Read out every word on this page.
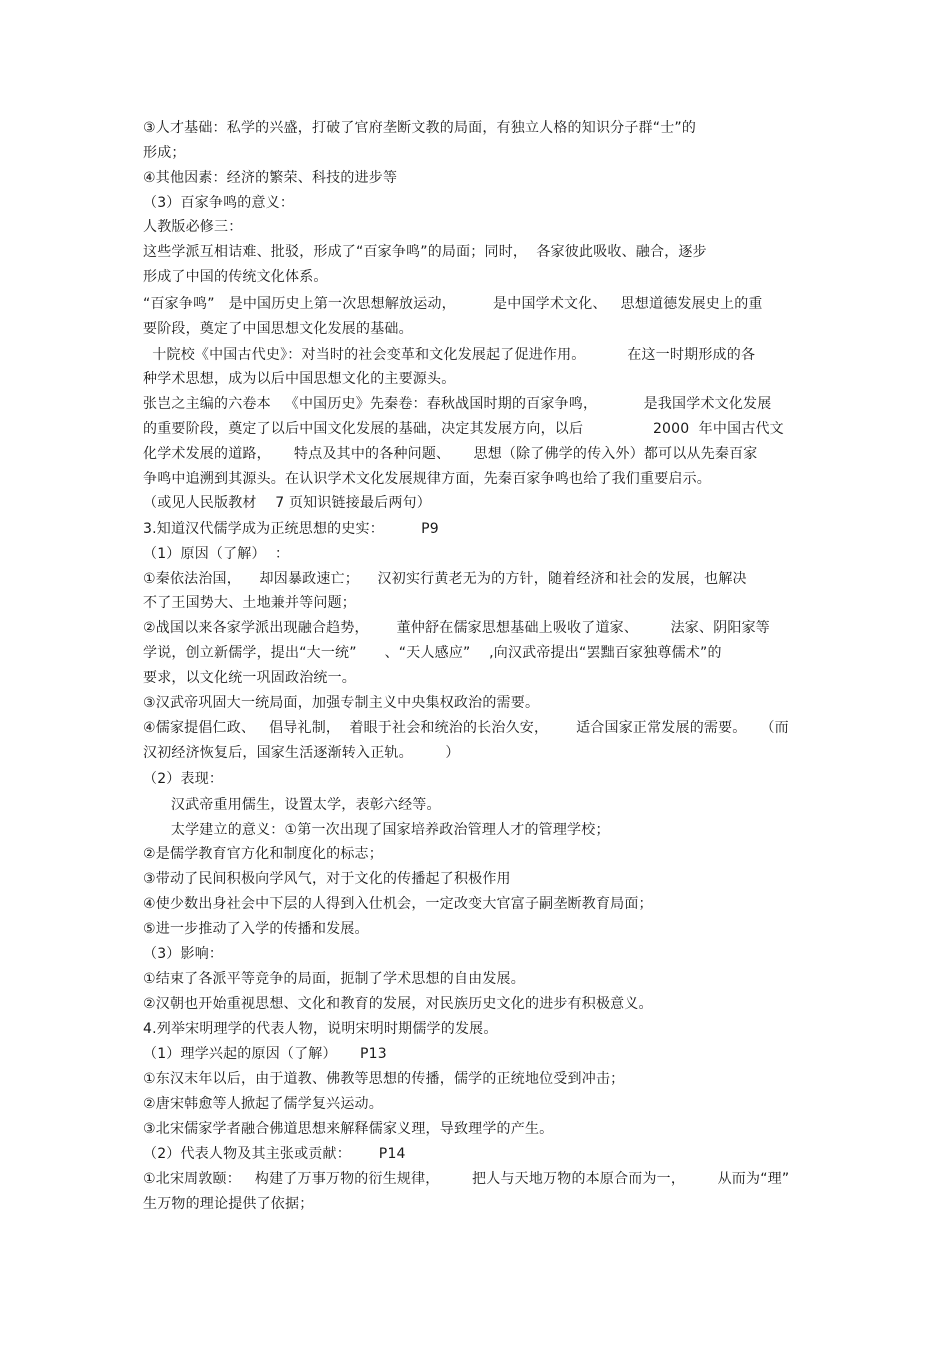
③人才基础：私学的兴盛，打破了官府垄断文教的局面，有独立人格的知识分子群“士”的
形成；
④其他因素：经济的繁荣、科技的进步等
（3）百家争鸣的意义：
人教版必修三：
这些学派互相诘难、批驳，形成了“百家争鸣”的局面；同时，  各家彼此吸收、融合，逐步
形成了中国的传统文化体系。
“百家争鸣”   是中国历史上第一次思想解放运动，        是中国学术文化、   思想道德发展史上的重
要阶段，奠定了中国思想文化发展的基础。
十院校《中国古代史》：对当时的社会变革和文化发展起了促进作用。         在这一时期形成的各
种学术思想，成为以后中国思想文化的主要源头。
张岂之主编的六卷本   《中国历史》先秦卷：春秋战国时期的百家争鸣，          是我国学术文化发展
的重要阶段，奠定了以后中国文化发展的基础，决定其发展方向，以后               2000  年中国古代文
化学术发展的道路，     特点及其中的各种问题、     思想（除了佛学的传入外）都可以从先秦百家
争鸣中追溯到其源头。在认识学术文化发展规律方面，先秦百家争鸣也给了我们重要启示。
（或见人民版教材    7 页知识链接最后两句）
3.知道汉代儒学成为正统思想的史实：        P9
（1）原因（了解）  ：
①秦依法治国，    却因暴政速亡；    汉初实行黄老无为的方针，随着经济和社会的发展，也解决
不了王国势大、土地兼并等问题；
②战国以来各家学派出现融合趋势，      董仲舒在儒家思想基础上吸收了道家、       法家、阴阳家等
学说，创立新儒学，提出“大一统”      、“天人感应”    ,向汉武帝提出“罢黜百家独尊儒术”的
要求，以文化统一巩固政治统一。
③汉武帝巩固大一统局面，加强专制主义中央集权政治的需要。
④儒家提倡仁政、   倡导礼制，  着眼于社会和统治的长治久安，      适合国家正常发展的需要。   （而
汉初经济恢复后，国家生活逐渐转入正轨。       ）
（2）表现：
汉武帝重用儒生，设置太学，表彰六经等。
太学建立的意义：①第一次出现了国家培养政治管理人才的管理学校；
②是儒学教育官方化和制度化的标志；
③带动了民间积极向学风气，对于文化的传播起了积极作用
④使少数出身社会中下层的人得到入仕机会，一定改变大官富子嗣垄断教育局面；
⑤进一步推动了入学的传播和发展。
（3）影响：
①结束了各派平等竞争的局面，扼制了学术思想的自由发展。
②汉朝也开始重视思想、文化和教育的发展，对民族历史文化的进步有积极意义。
4.列举宋明理学的代表人物，说明宋明时期儒学的发展。
（1）理学兴起的原因（了解）     P13
①东汉末年以后，由于道教、佛教等思想的传播，儒学的正统地位受到冲击；
②唐宋韩愈等人掀起了儒学复兴运动。
③北宋儒家学者融合佛道思想来解释儒家义理，导致理学的产生。
（2）代表人物及其主张或贡献：      P14
①北宋周敦颐：   构建了万事万物的衍生规律，       把人与天地万物的本原合而为一，       从而为“理”
生万物的理论提供了依据；
